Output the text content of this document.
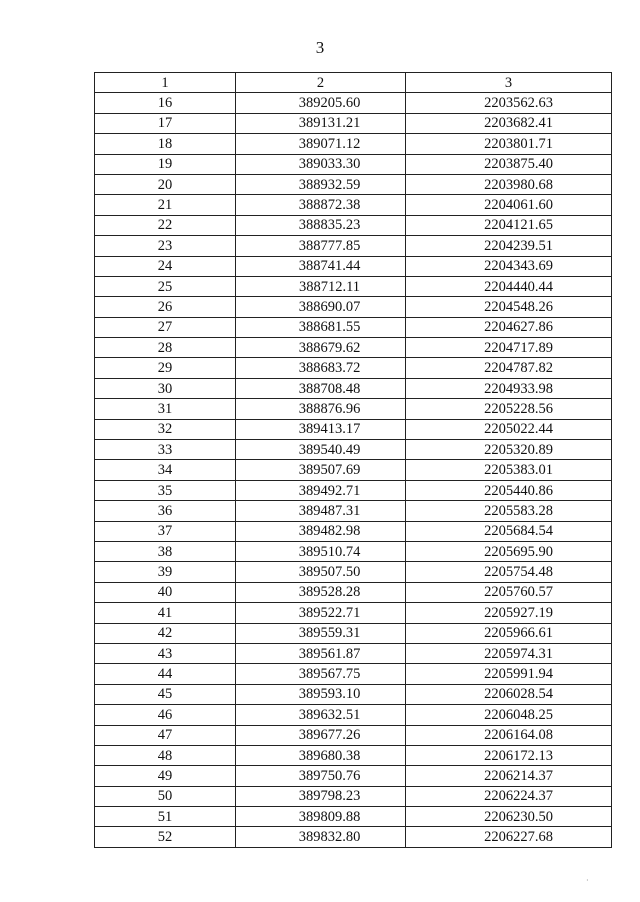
3
1	2	3
16	389205.60	2203562.63
17	389131.21	2203682.41
18	389071.12	2203801.71
19	389033.30	2203875.40
20	388932.59	2203980.68
21	388872.38	2204061.60
22	388835.23	2204121.65
23	388777.85	2204239.51
24	388741.44	2204343.69
25	388712.11	2204440.44
26	388690.07	2204548.26
27	388681.55	2204627.86
28	388679.62	2204717.89
29	388683.72	2204787.82
30	388708.48	2204933.98
31	388876.96	2205228.56
32	389413.17	2205022.44
33	389540.49	2205320.89
34	389507.69	2205383.01
35	389492.71	2205440.86
36	389487.31	2205583.28
37	389482.98	2205684.54
38	389510.74	2205695.90
39	389507.50	2205754.48
40	389528.28	2205760.57
41	389522.71	2205927.19
42	389559.31	2205966.61
43	389561.87	2205974.31
44	389567.75	2205991.94
45	389593.10	2206028.54
46	389632.51	2206048.25
47	389677.26	2206164.08
48	389680.38	2206172.13
49	389750.76	2206214.37
50	389798.23	2206224.37
51	389809.88	2206230.50
52	389832.80	2206227.68
·
